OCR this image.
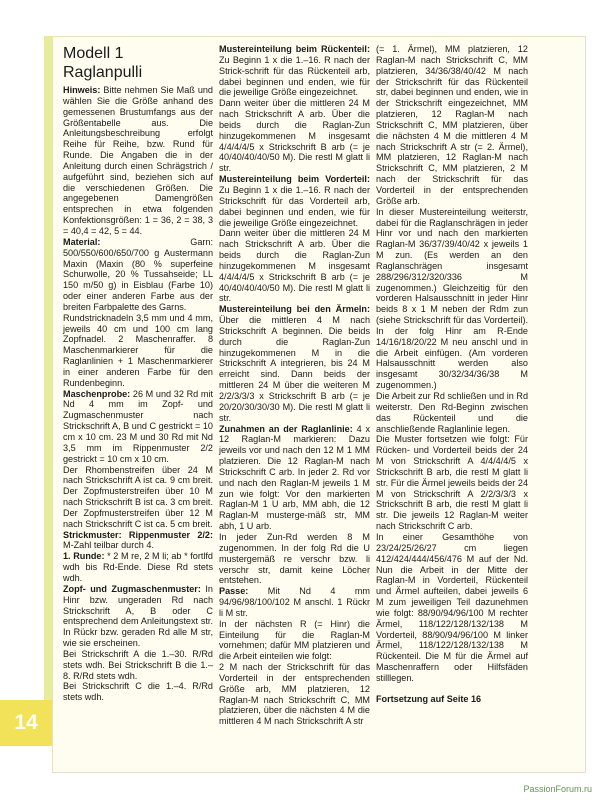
14

Modell 1

Raglanpulli

Hinweis: Bitte nehmen Sie Maß und wählen Sie die Größe anhand des gemessenen Brustumfangs aus der Größentabelle aus. Die Anleitungsbeschreibung erfolgt Reihe für Reihe, bzw. Rund für Runde. Die Angaben die in der Anleitung durch einen Schrägstrich / aufgeführt sind, beziehen sich auf die verschiedenen Größen. Die angegebenen Damengrößen entsprechen in etwa folgenden Konfektionsgrößen: 1 = 36, 2 = 38, 3 = 40,4 = 42, 5 = 44.

Material: Garn: 500/550/600/650/700 g Austermann Maxin (Maxin (80 % superfeine Schurwolle, 20 % Tussahseide; LL 150 m/50 g) in Eisblau (Farbe 10) oder einer anderen Farbe aus der breiten Farbpalette des Garns.

Rundstricknadeln 3,5 mm und 4 mm, jeweils 40 cm und 100 cm lang Zopfnadel. 2 Maschenraffer. 8 Maschenmarkierer für die Raglanlinien + 1 Maschenmarkierer in einer anderen Farbe für den Rundenbeginn.

Maschenprobe: 26 M und 32 Rd mit Nd 4 mm im Zopf- und Zugmaschenmuster nach Strickschrift A, B und C gestrickt = 10 cm x 10 cm. 23 M und 30 Rd mit Nd 3,5 mm im Rippenmuster 2/2 gestrickt = 10 cm x 10 cm.

Der Rhombenstreifen über 24 M nach Strickschrift A ist ca. 9 cm breit. Der Zopfmusterstreifen über 10 M nach Strickschrift B ist ca. 3 cm breit. Der Zopfmusterstreifen über 12 M nach Strickschrift C ist ca. 5 cm breit.

Strickmuster: Rippenmuster 2/2: M-Zahl teilbar durch 4.

1. Runde: * 2 M re, 2 M li; ab * fortlfd wdh bis Rd-Ende. Diese Rd stets wdh.

Zopf- und Zugmaschenmuster: In Hinr bzw. ungeraden Rd nach Strickschrift A, B oder C entsprechend dem Anleitungstext str. In Rückr bzw. geraden Rd alle M str, wie sie erscheinen.

Bei Strickschrift A die 1.–30. R/Rd stets wdh. Bei Strickschrift B die 1.– 8. R/Rd stets wdh.

Bei Strickschrift C die 1.–4. R/Rd stets wdh.

Mustereinteilung beim Rückenteil: Zu Beginn 1 x die 1.–16. R nach der Strick-schrift für das Rückenteil arb, dabei beginnen und enden, wie für die jeweilige Größe eingezeichnet.

Dann weiter über die mittleren 24 M nach Strickschrift A arb. Über die beids durch die Raglan-Zun hinzugekommenen M insgesamt 4/4/4/4/5 x Strickschrift B arb (= je 40/40/40/40/50 M). Die restl M glatt li str.

Mustereinteilung beim Vorderteil: Zu Beginn 1 x die 1.–16. R nach der Strickschrift für das Vorderteil arb, dabei beginnen und enden, wie für die jeweilige Größe eingezeichnet.

Dann weiter über die mittleren 24 M nach Strickschrift A arb. Über die beids durch die Raglan-Zun hinzugekommenen M insgesamt 4/4/4/4/5 x Strickschrift B arb (= je 40/40/40/40/50 M). Die restl M glatt li str.

Mustereinteilung bei den Ärmeln: Über die mittleren 4 M nach Strickschrift A beginnen. Die beids durch die Raglan-Zun hinzugekommenen M in die Strickschrift A integrieren, bis 24 M erreicht sind. Dann beids der mittleren 24 M über die weiteren M 2/2/3/3/3 x Strickschrift B arb (= je 20/20/30/30/30 M). Die restl M glatt li str.

Zunahmen an der Raglanlinie: 4 x 12 Raglan-M markieren: Dazu jeweils vor und nach den 12 M 1 MM platzieren. Die 12 Raglan-M nach Strickschrift C arb. In jeder 2. Rd vor und nach den Raglan-M jeweils 1 M zun wie folgt: Vor den markierten Raglan-M 1 U arb, MM abh, die 12 Raglan-M musterge-mäß str, MM abh, 1 U arb.

In jeder Zun-Rd werden 8 M zugenommen. In der folg Rd die U mustergemäß re verschr bzw. li verschr str, damit keine Löcher entstehen.

Passe: Mit Nd 4 mm 94/96/98/100/102 M anschl. 1 Rückr li M str.

In der nächsten R (= Hinr) die Einteilung für die Raglan-M vornehmen; dafür MM platzieren und die Arbeit einteilen wie folgt:

2 M nach der Strickschrift für das Vorderteil in der entsprechenden Größe arb, MM platzieren, 12 Raglan-M nach Strickschrift C, MM platzieren, über die nächsten 4 M die mittleren 4 M nach Strickschrift A str

(= 1. Ärmel), MM platzieren, 12 Raglan-M nach Strickschrift C, MM platzieren, 34/36/38/40/42 M nach der Strickschrift für das Rückenteil str, dabei beginnen und enden, wie in der Strickschrift eingezeichnet, MM platzieren, 12 Raglan-M nach Strickschrift C, MM platzieren, über die nächsten 4 M die mittleren 4 M nach Strickschrift A str (= 2. Ärmel), MM platzieren, 12 Raglan-M nach Strickschrift C, MM platzieren, 2 M nach der Strickschrift für das Vorderteil in der entsprechenden Größe arb.

In dieser Mustereinteilung weiterstr, dabei für die Raglanschrägen in jeder Hinr vor und nach den markierten Raglan-M 36/37/39/40/42 x jeweils 1 M zun. (Es werden an den Raglanschrägen insgesamt 288/296/312/320/336 M zugenommen.) Gleichzeitig für den vorderen Halsausschnitt in jeder Hinr beids 8 x 1 M neben der Rdm zun (siehe Strickschrift für das Vorderteil). In der folg Hinr am R-Ende 14/16/18/20/22 M neu anschl und in die Arbeit einfügen. (Am vorderen Halsausschnitt werden also insgesamt 30/32/34/36/38 M zugenommen.)

Die Arbeit zur Rd schließen und in Rd weiterstr. Den Rd-Beginn zwischen das Rückenteil und die anschließende Raglanlinie legen.

Die Muster fortsetzen wie folgt: Für Rücken- und Vorderteil beids der 24 M von Strickschrift A 4/4/4/4/5 x Strickschrift B arb, die restl M glatt li str. Für die Ärmel jeweils beids der 24 M von Strickschrift A 2/2/3/3/3 x Strickschrift B arb, die restl M glatt li str. Die jeweils 12 Raglan-M weiter nach Strickschrift C arb.

In einer Gesamthöhe von 23/24/25/26/27 cm liegen 412/424/444/456/476 M auf der Nd. Nun die Arbeit in der Mitte der Raglan-M in Vorderteil, Rückenteil und Ärmel aufteilen, dabei jeweils 6 M zum jeweiligen Teil dazunehmen wie folgt: 88/90/94/96/100 M rechter Ärmel, 118/122/128/132/138 M Vorderteil, 88/90/94/96/100 M linker Ärmel, 118/122/128/132/138 M Rückenteil. Die M für die Ärmel auf Maschenraffern oder Hilfsfäden stilllegen.

Fortsetzung auf Seite 16

PassionForum.ru
